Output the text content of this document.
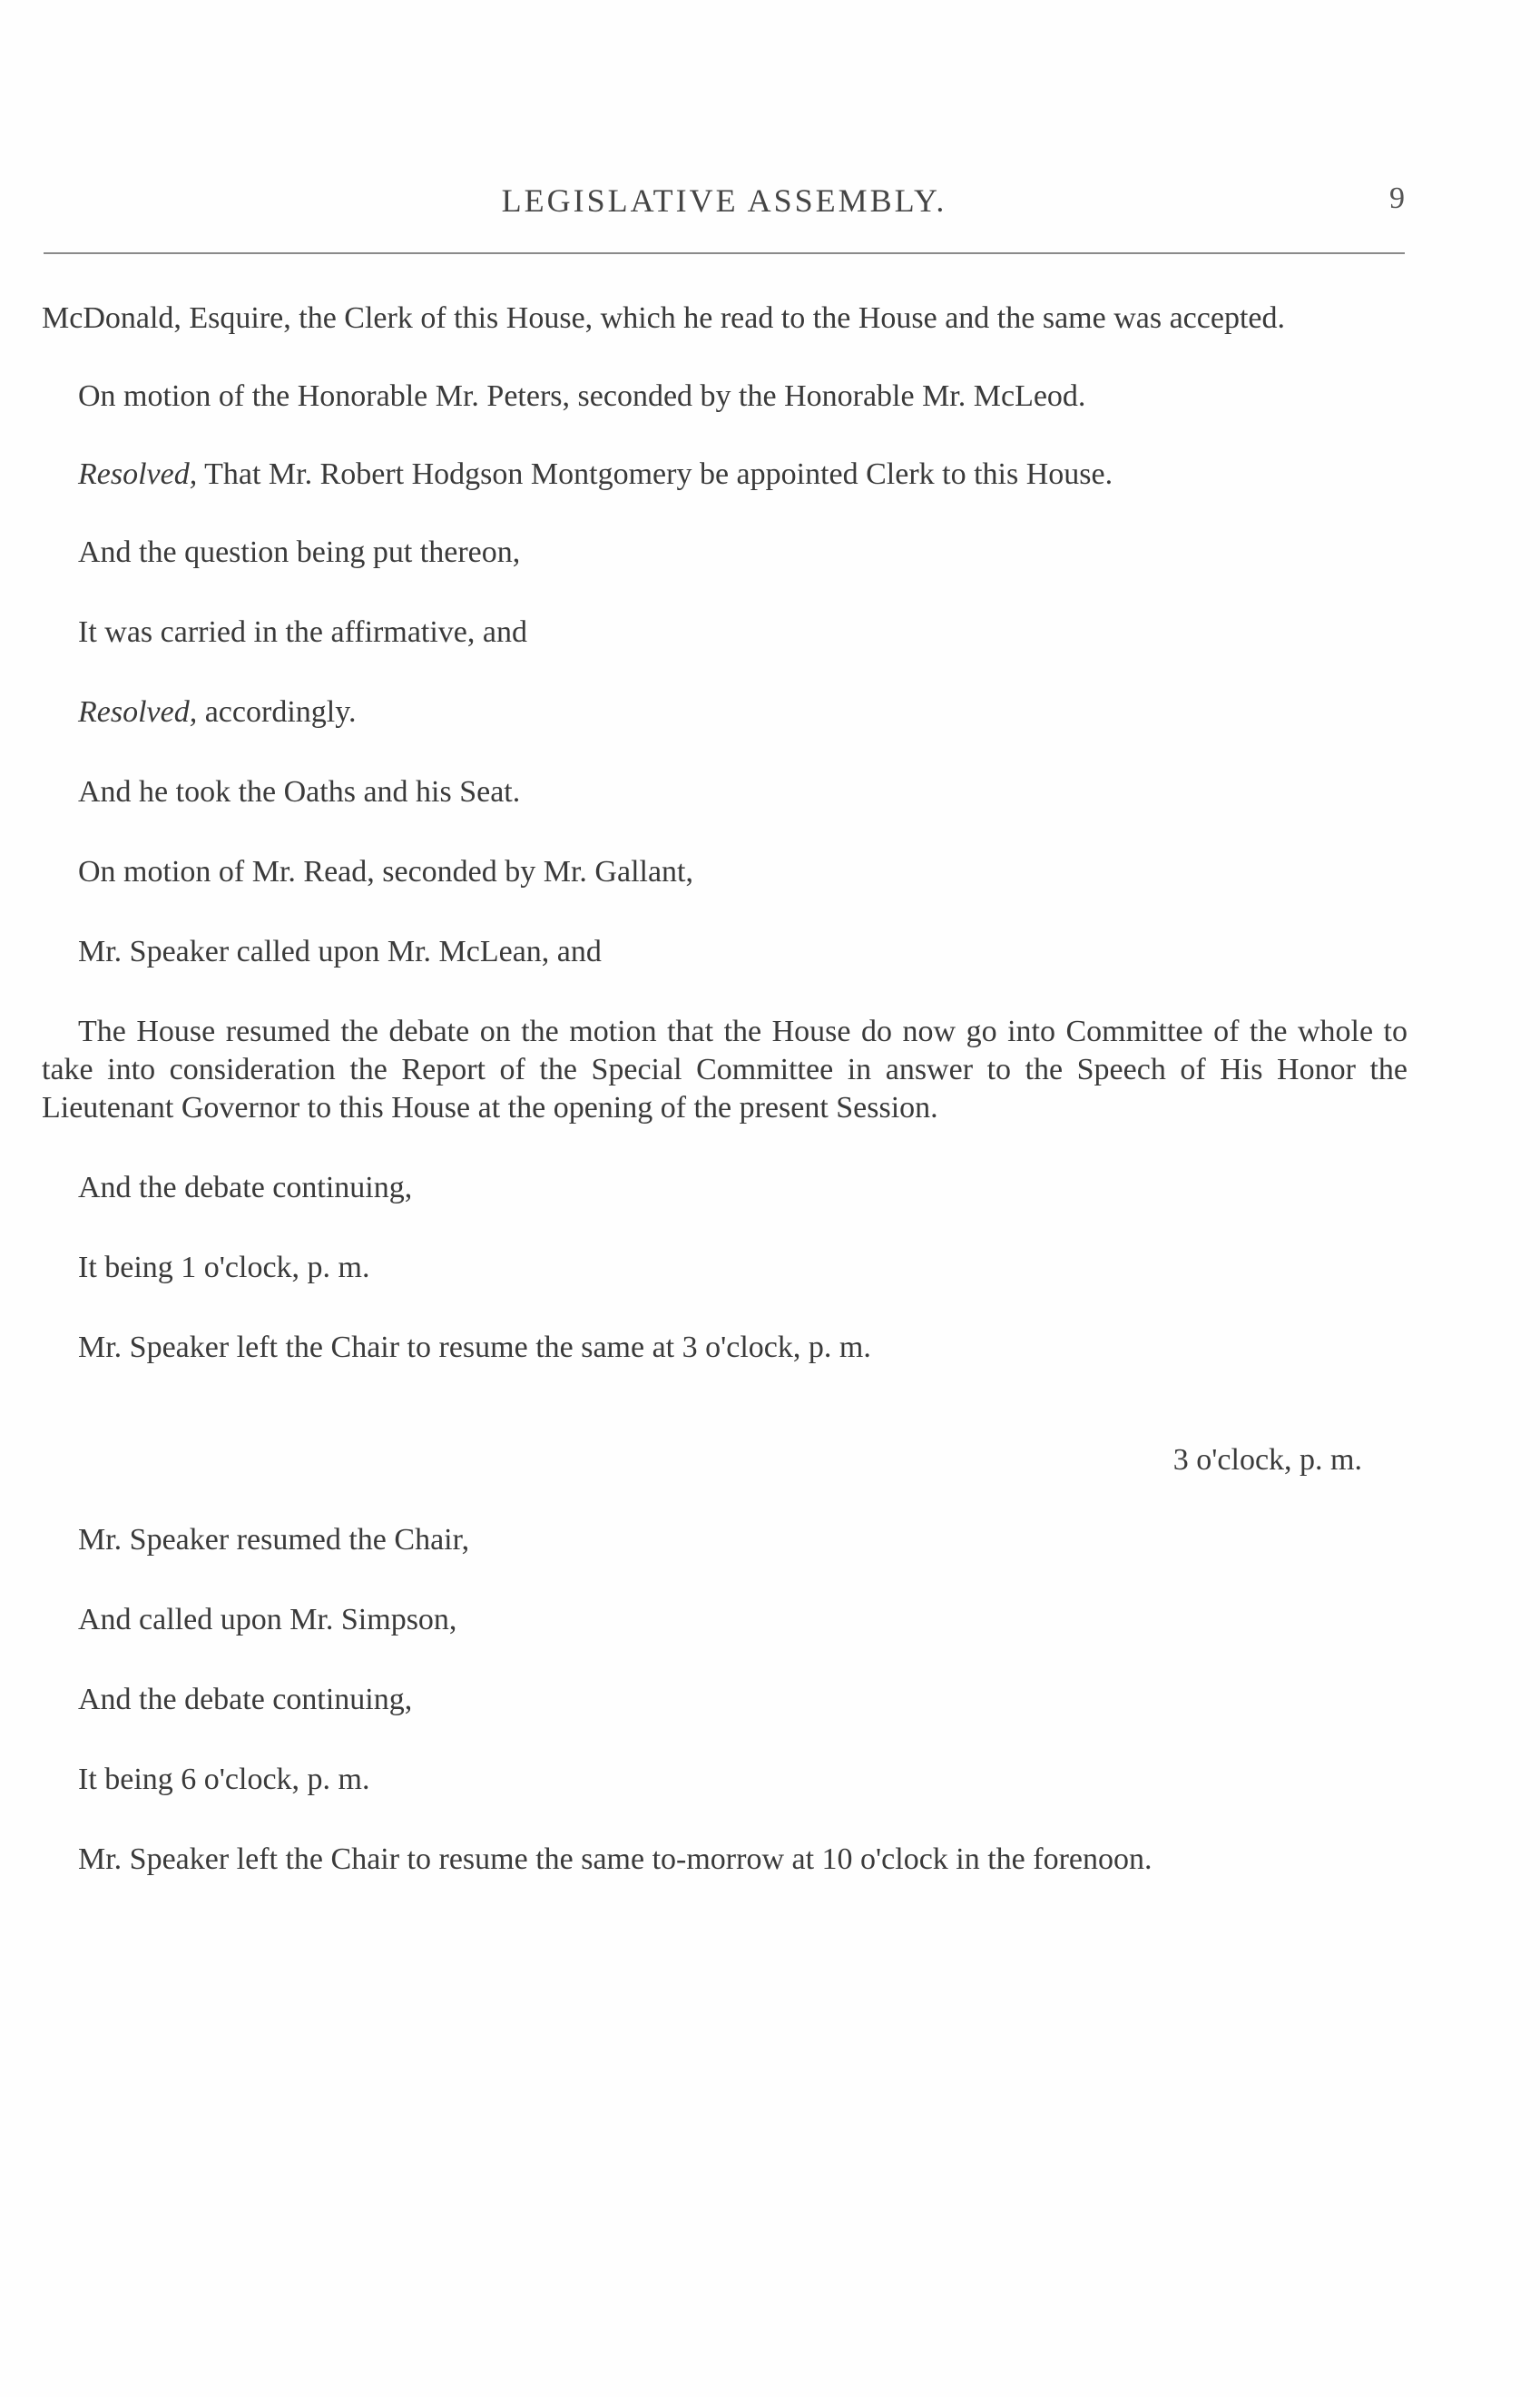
LEGISLATIVE ASSEMBLY.	9

McDonald, Esquire, the Clerk of this House, which he read to the House and the same was accepted.

On motion of the Honorable Mr. Peters, seconded by the Honorable Mr. McLeod.

Resolved, That Mr. Robert Hodgson Montgomery be appointed Clerk to this House.

And the question being put thereon,

It was carried in the affirmative, and

Resolved, accordingly.

And he took the Oaths and his Seat.

On motion of Mr. Read, seconded by Mr. Gallant,

Mr. Speaker called upon Mr. McLean, and

The House resumed the debate on the motion that the House do now go into Committee of the whole to take into consideration the Report of the Special Committee in answer to the Speech of His Honor the Lieutenant Governor to this House at the opening of the present Session.

And the debate continuing,

It being 1 o'clock, p. m.

Mr. Speaker left the Chair to resume the same at 3 o'clock, p. m.

3 o'clock, p. m.

Mr. Speaker resumed the Chair,

And called upon Mr. Simpson,

And the debate continuing,

It being 6 o'clock, p. m.

Mr. Speaker left the Chair to resume the same to-morrow at 10 o'clock in the forenoon.
